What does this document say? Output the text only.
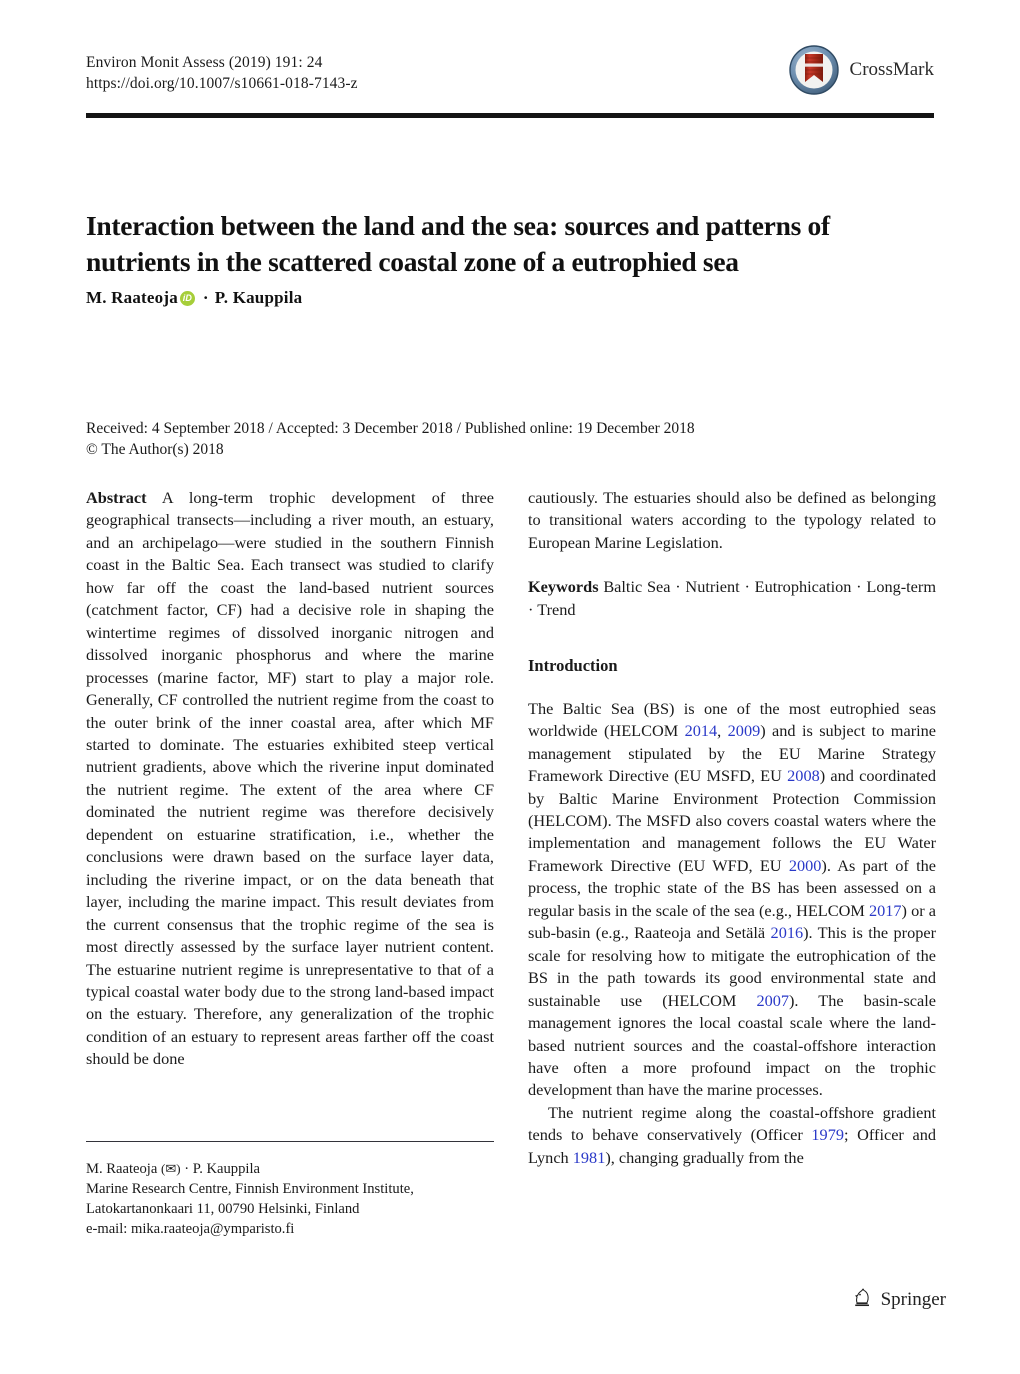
Environ Monit Assess (2019) 191: 24
https://doi.org/10.1007/s10661-018-7143-z
CrossMark
Interaction between the land and the sea: sources and patterns of nutrients in the scattered coastal zone of a eutrophied sea
M. Raateoja iD · P. Kauppila
Received: 4 September 2018 / Accepted: 3 December 2018 / Published online: 19 December 2018
© The Author(s) 2018

Abstract A long-term trophic development of three geographical transects—including a river mouth, an estuary, and an archipelago—were studied in the southern Finnish coast in the Baltic Sea. Each transect was studied to clarify how far off the coast the land-based nutrient sources (catchment factor, CF) had a decisive role in shaping the wintertime regimes of dissolved inorganic nitrogen and dissolved inorganic phosphorus and where the marine processes (marine factor, MF) start to play a major role. Generally, CF controlled the nutrient regime from the coast to the outer brink of the inner coastal area, after which MF started to dominate. The estuaries exhibited steep vertical nutrient gradients, above which the riverine input dominated the nutrient regime. The extent of the area where CF dominated the nutrient regime was therefore decisively dependent on estuarine stratification, i.e., whether the conclusions were drawn based on the surface layer data, including the riverine impact, or on the data beneath that layer, including the marine impact. This result deviates from the current consensus that the trophic regime of the sea is most directly assessed by the surface layer nutrient content. The estuarine nutrient regime is unrepresentative to that of a typical coastal water body due to the strong land-based impact on the estuary. Therefore, any generalization of the trophic condition of an estuary to represent areas farther off the coast should be done

cautiously. The estuaries should also be defined as belonging to transitional waters according to the typology related to European Marine Legislation.

Keywords Baltic Sea · Nutrient · Eutrophication · Long-term · Trend

Introduction

The Baltic Sea (BS) is one of the most eutrophied seas worldwide (HELCOM 2014, 2009) and is subject to marine management stipulated by the EU Marine Strategy Framework Directive (EU MSFD, EU 2008) and coordinated by Baltic Marine Environment Protection Commission (HELCOM). The MSFD also covers coastal waters where the implementation and management follows the EU Water Framework Directive (EU WFD, EU 2000). As part of the process, the trophic state of the BS has been assessed on a regular basis in the scale of the sea (e.g., HELCOM 2017) or a sub-basin (e.g., Raateoja and Setälä 2016). This is the proper scale for resolving how to mitigate the eutrophication of the BS in the path towards its good environmental state and sustainable use (HELCOM 2007). The basin-scale management ignores the local coastal scale where the land-based nutrient sources and the coastal-offshore interaction have often a more profound impact on the trophic development than have the marine processes.

The nutrient regime along the coastal-offshore gradient tends to behave conservatively (Officer 1979; Officer and Lynch 1981), changing gradually from the

M. Raateoja (✉) · P. Kauppila
Marine Research Centre, Finnish Environment Institute,
Latokartanonkaari 11, 00790 Helsinki, Finland
e-mail: mika.raateoja@ymparisto.fi
Springer
